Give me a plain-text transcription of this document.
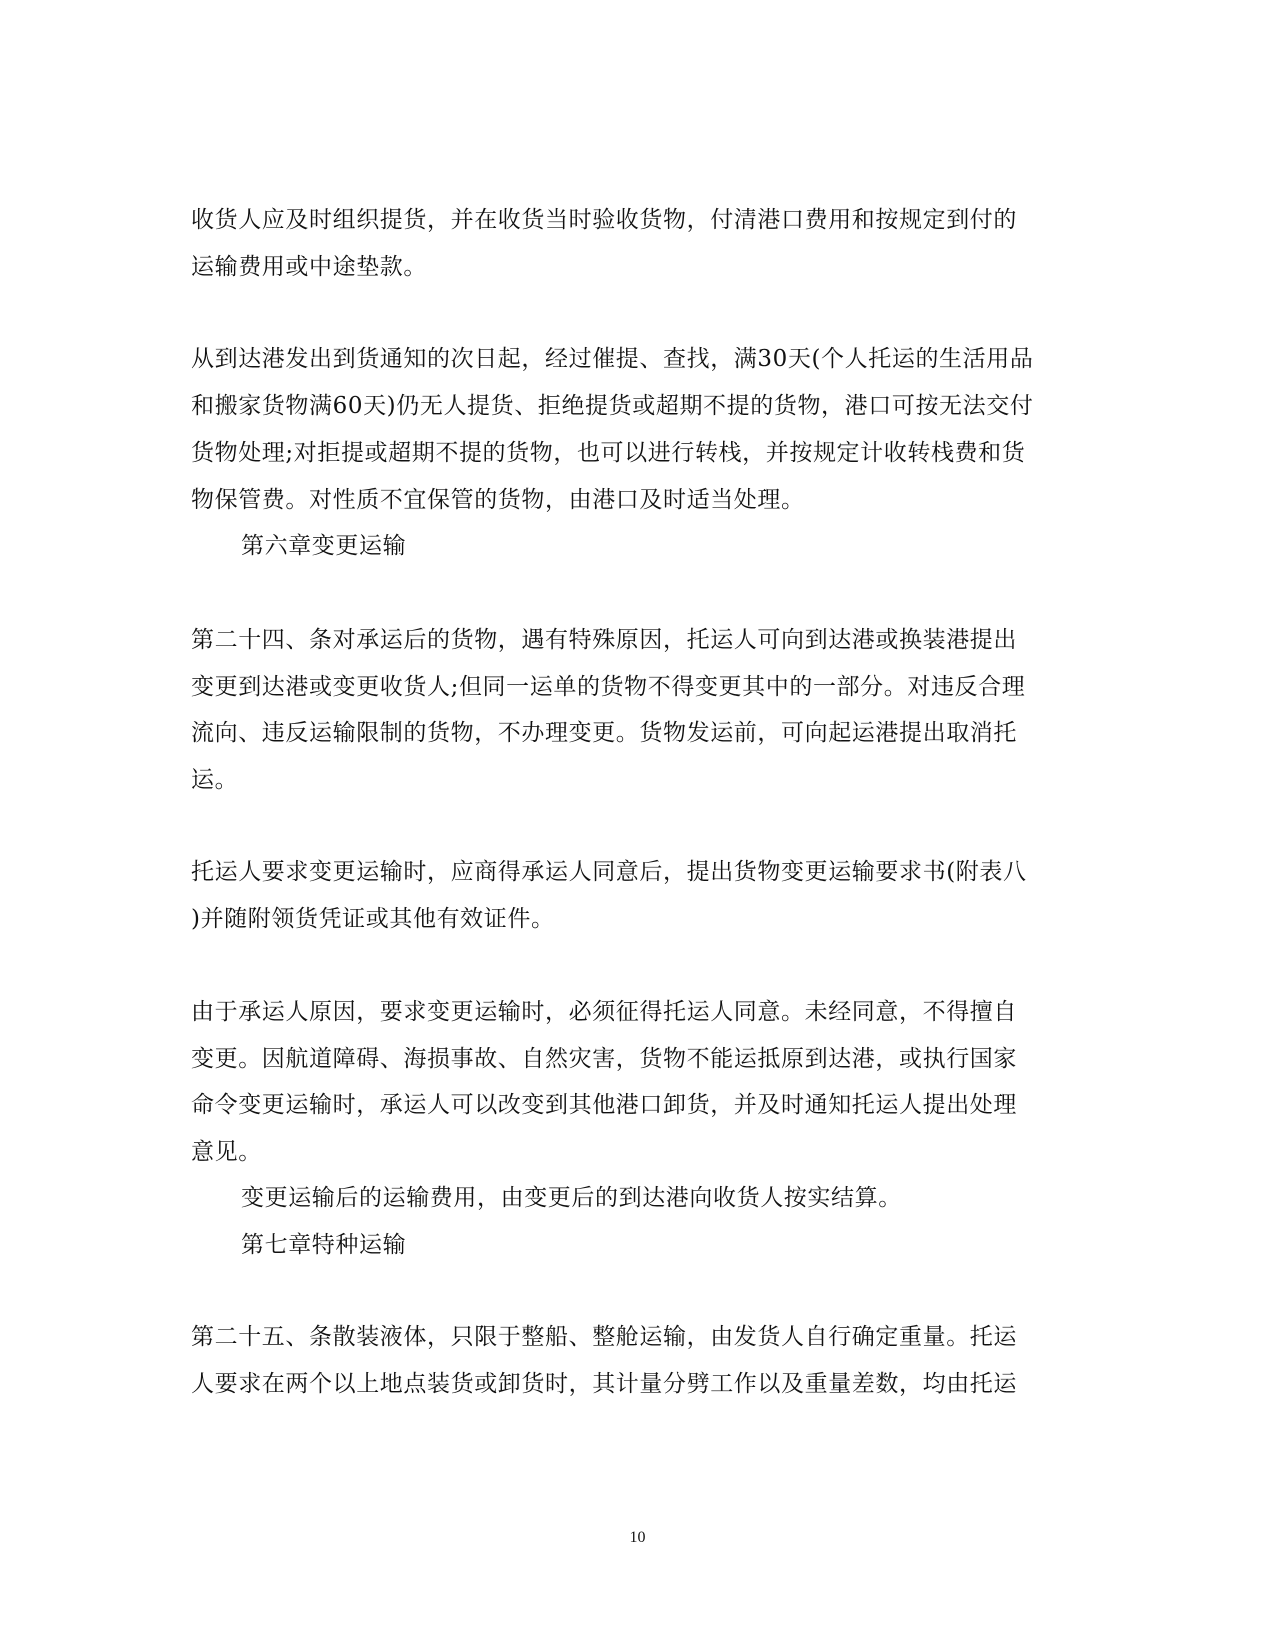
收货人应及时组织提货，并在收货当时验收货物，付清港口费用和按规定到付的
运输费用或中途垫款。
从到达港发出到货通知的次日起，经过催提、查找，满30天(个人托运的生活用品
和搬家货物满60天)仍无人提货、拒绝提货或超期不提的货物，港口可按无法交付
货物处理;对拒提或超期不提的货物，也可以进行转栈，并按规定计收转栈费和货
物保管费。对性质不宜保管的货物，由港口及时适当处理。
第六章变更运输
第二十四、条对承运后的货物，遇有特殊原因，托运人可向到达港或换装港提出
变更到达港或变更收货人;但同一运单的货物不得变更其中的一部分。对违反合理
流向、违反运输限制的货物，不办理变更。货物发运前，可向起运港提出取消托
运。
托运人要求变更运输时，应商得承运人同意后，提出货物变更运输要求书(附表八
)并随附领货凭证或其他有效证件。
由于承运人原因，要求变更运输时，必须征得托运人同意。未经同意，不得擅自
变更。因航道障碍、海损事故、自然灾害，货物不能运抵原到达港，或执行国家
命令变更运输时，承运人可以改变到其他港口卸货，并及时通知托运人提出处理
意见。
变更运输后的运输费用，由变更后的到达港向收货人按实结算。
第七章特种运输
第二十五、条散装液体，只限于整船、整舱运输，由发货人自行确定重量。托运
人要求在两个以上地点装货或卸货时，其计量分劈工作以及重量差数，均由托运
10
